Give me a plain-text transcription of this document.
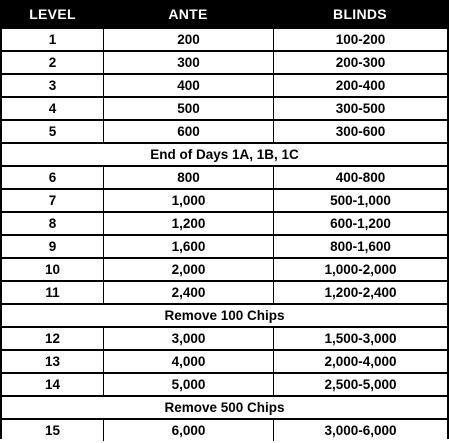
LEVEL	ANTE	BLINDS
1	200	100-200
2	300	200-300
3	400	200-400
4	500	300-500
5	600	300-600
End of Days 1A, 1B, 1C		
6	800	400-800
7	1,000	500-1,000
8	1,200	600-1,200
9	1,600	800-1,600
10	2,000	1,000-2,000
11	2,400	1,200-2,400
Remove 100 Chips		
12	3,000	1,500-3,000
13	4,000	2,000-4,000
14	5,000	2,500-5,000
Remove 500 Chips		
15	6,000	3,000-6,000
